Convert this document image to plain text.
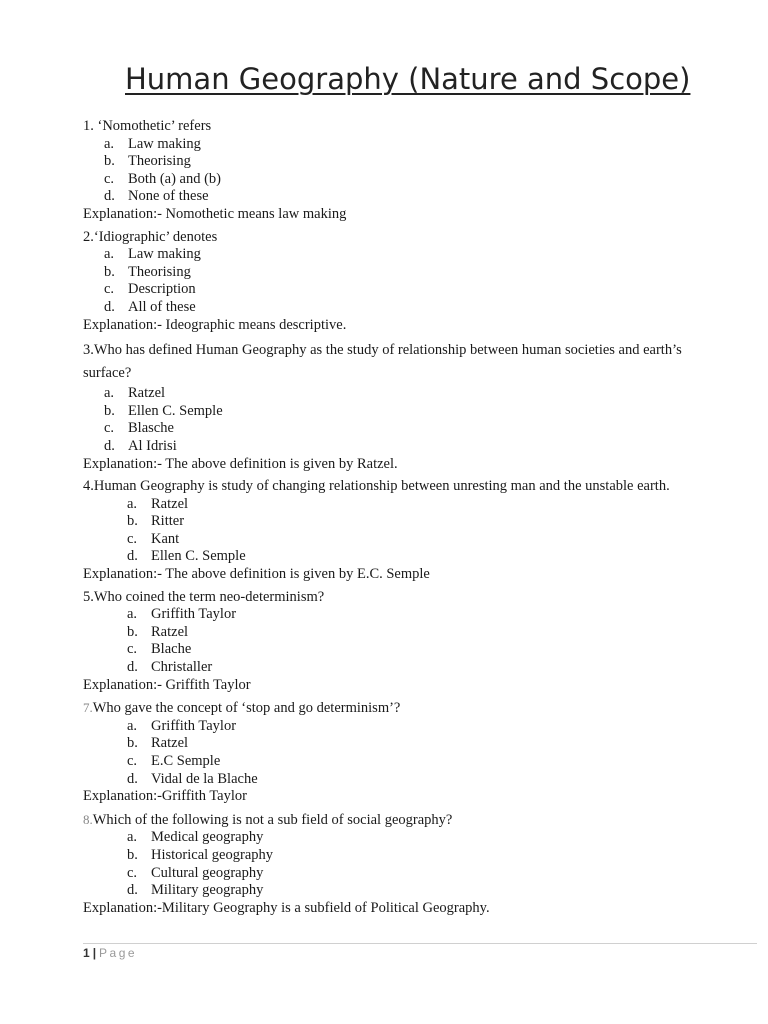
Human Geography (Nature and Scope)
1. ‘Nomothetic’ refers
a. Law making
b. Theorising
c. Both (a) and (b)
d. None of these
Explanation:- Nomothetic means law making
2.‘Idiographic’ denotes
a. Law making
b. Theorising
c. Description
d. All of these
Explanation:- Ideographic means descriptive.
3.Who has defined Human Geography as the study of relationship between human societies and earth’s surface?
a. Ratzel
b. Ellen C. Semple
c. Blasche
d. Al Idrisi
Explanation:- The above definition is given by Ratzel.
4.Human Geography is study of changing relationship between unresting man and the unstable earth.
a. Ratzel
b. Ritter
c. Kant
d. Ellen C. Semple
Explanation:- The above definition is given by E.C. Semple
5.Who coined the term neo-determinism?
a. Griffith Taylor
b. Ratzel
c. Blache
d. Christaller
Explanation:- Griffith Taylor
7.Who gave the concept of ‘stop and go determinism’?
a. Griffith Taylor
b. Ratzel
c. E.C Semple
d. Vidal de la Blache
Explanation:-Griffith Taylor
8.Which of the following is not a sub field of social geography?
a. Medical geography
b. Historical geography
c. Cultural geography
d. Military geography
Explanation:-Military Geography is a subfield of Political Geography.
1 | Page
